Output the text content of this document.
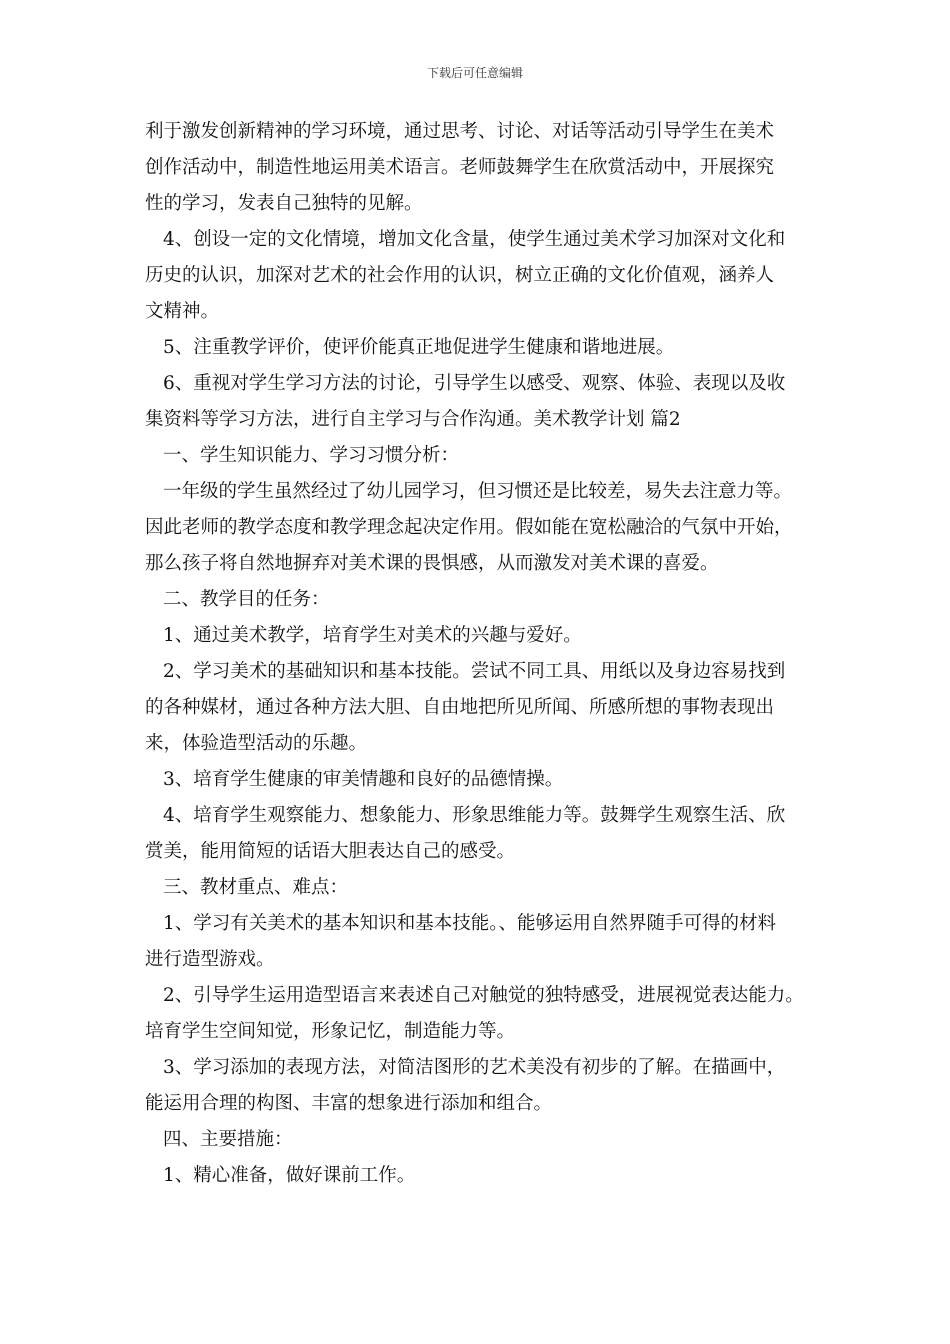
下载后可任意编辑
利于激发创新精神的学习环境，通过思考、讨论、对话等活动引导学生在美术
创作活动中，制造性地运用美术语言。老师鼓舞学生在欣赏活动中，开展探究
性的学习，发表自己独特的见解。
4、创设一定的文化情境，增加文化含量，使学生通过美术学习加深对文化和
历史的认识，加深对艺术的社会作用的认识，树立正确的文化价值观，涵养人
文精神。
5、注重教学评价，使评价能真正地促进学生健康和谐地进展。
6、重视对学生学习方法的讨论，引导学生以感受、观察、体验、表现以及收
集资料等学习方法，进行自主学习与合作沟通。美术教学计划 篇2
一、学生知识能力、学习习惯分析：
一年级的学生虽然经过了幼儿园学习，但习惯还是比较差，易失去注意力等。
因此老师的教学态度和教学理念起决定作用。假如能在宽松融洽的气氛中开始，
那么孩子将自然地摒弃对美术课的畏惧感，从而激发对美术课的喜爱。
二、教学目的任务：
1、通过美术教学，培育学生对美术的兴趣与爱好。
2、学习美术的基础知识和基本技能。尝试不同工具、用纸以及身边容易找到
的各种媒材，通过各种方法大胆、自由地把所见所闻、所感所想的事物表现出
来，体验造型活动的乐趣。
3、培育学生健康的审美情趣和良好的品德情操。
4、培育学生观察能力、想象能力、形象思维能力等。鼓舞学生观察生活、欣
赏美，能用简短的话语大胆表达自己的感受。
三、教材重点、难点：
1、学习有关美术的基本知识和基本技能。、能够运用自然界随手可得的材料
进行造型游戏。
2、引导学生运用造型语言来表述自己对触觉的独特感受，进展视觉表达能力。
培育学生空间知觉，形象记忆，制造能力等。
3、学习添加的表现方法，对简洁图形的艺术美没有初步的了解。在描画中，
能运用合理的构图、丰富的想象进行添加和组合。
四、主要措施：
1、精心准备，做好课前工作。
